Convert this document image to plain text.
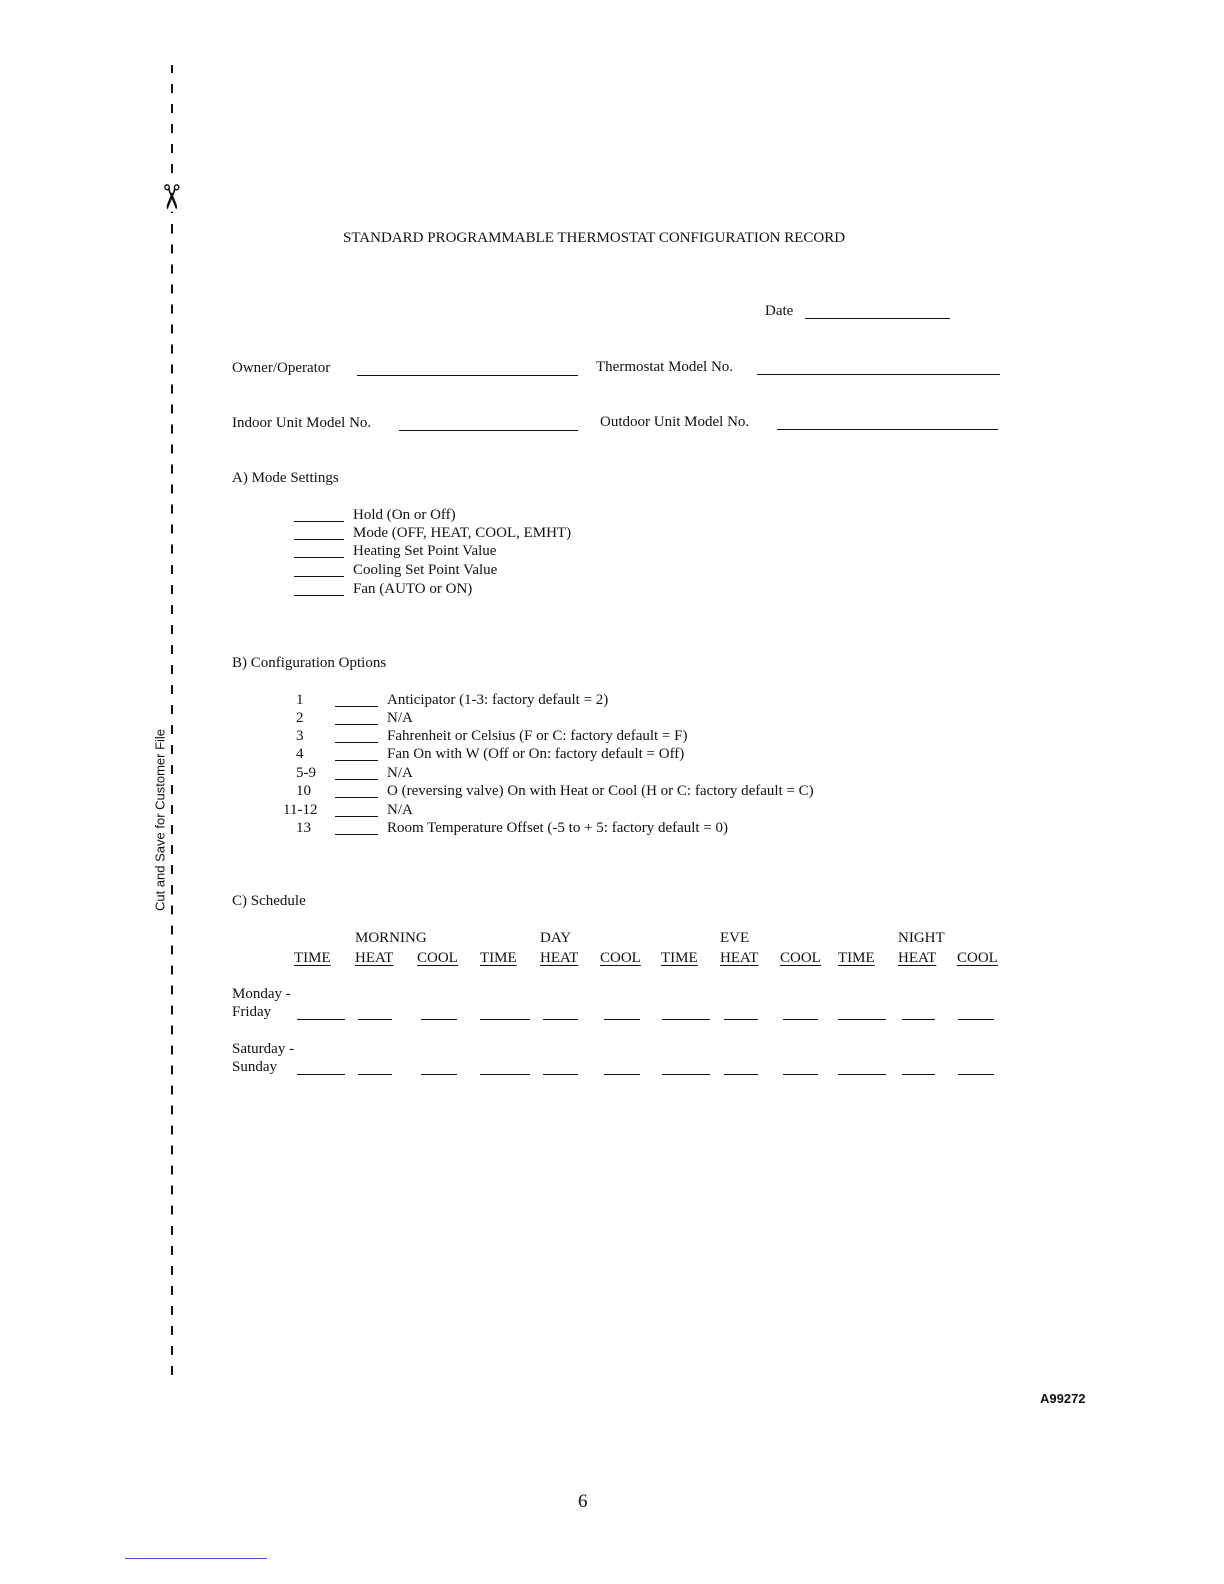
✂
Cut and Save for Customer File
STANDARD PROGRAMMABLE THERMOSTAT CONFIGURATION RECORD
Date
Owner/Operator	Thermostat Model No.
Indoor Unit Model No.	Outdoor Unit Model No.
A) Mode Settings
B) Configuration Options
C) Schedule
A99272
6
Hold (On or Off)
Mode (OFF, HEAT, COOL, EMHT)
Heating Set Point Value
Cooling Set Point Value
Fan (AUTO or ON)
1	Anticipator (1-3: factory default = 2)
2	N/A
3	Fahrenheit or Celsius (F or C: factory default = F)
4	Fan On with W (Off or On: factory default = Off)
5-9	N/A
10	O (reversing valve) On with Heat or Cool (H or C: factory default = C)
11-12	N/A
13	Room Temperature Offset (-5 to + 5: factory default = 0)
MORNING	DAY	EVE	NIGHT
TIME HEAT COOL TIME HEAT COOL TIME HEAT COOL TIME HEAT COOL
Monday -
Friday
Saturday -
Sunday
